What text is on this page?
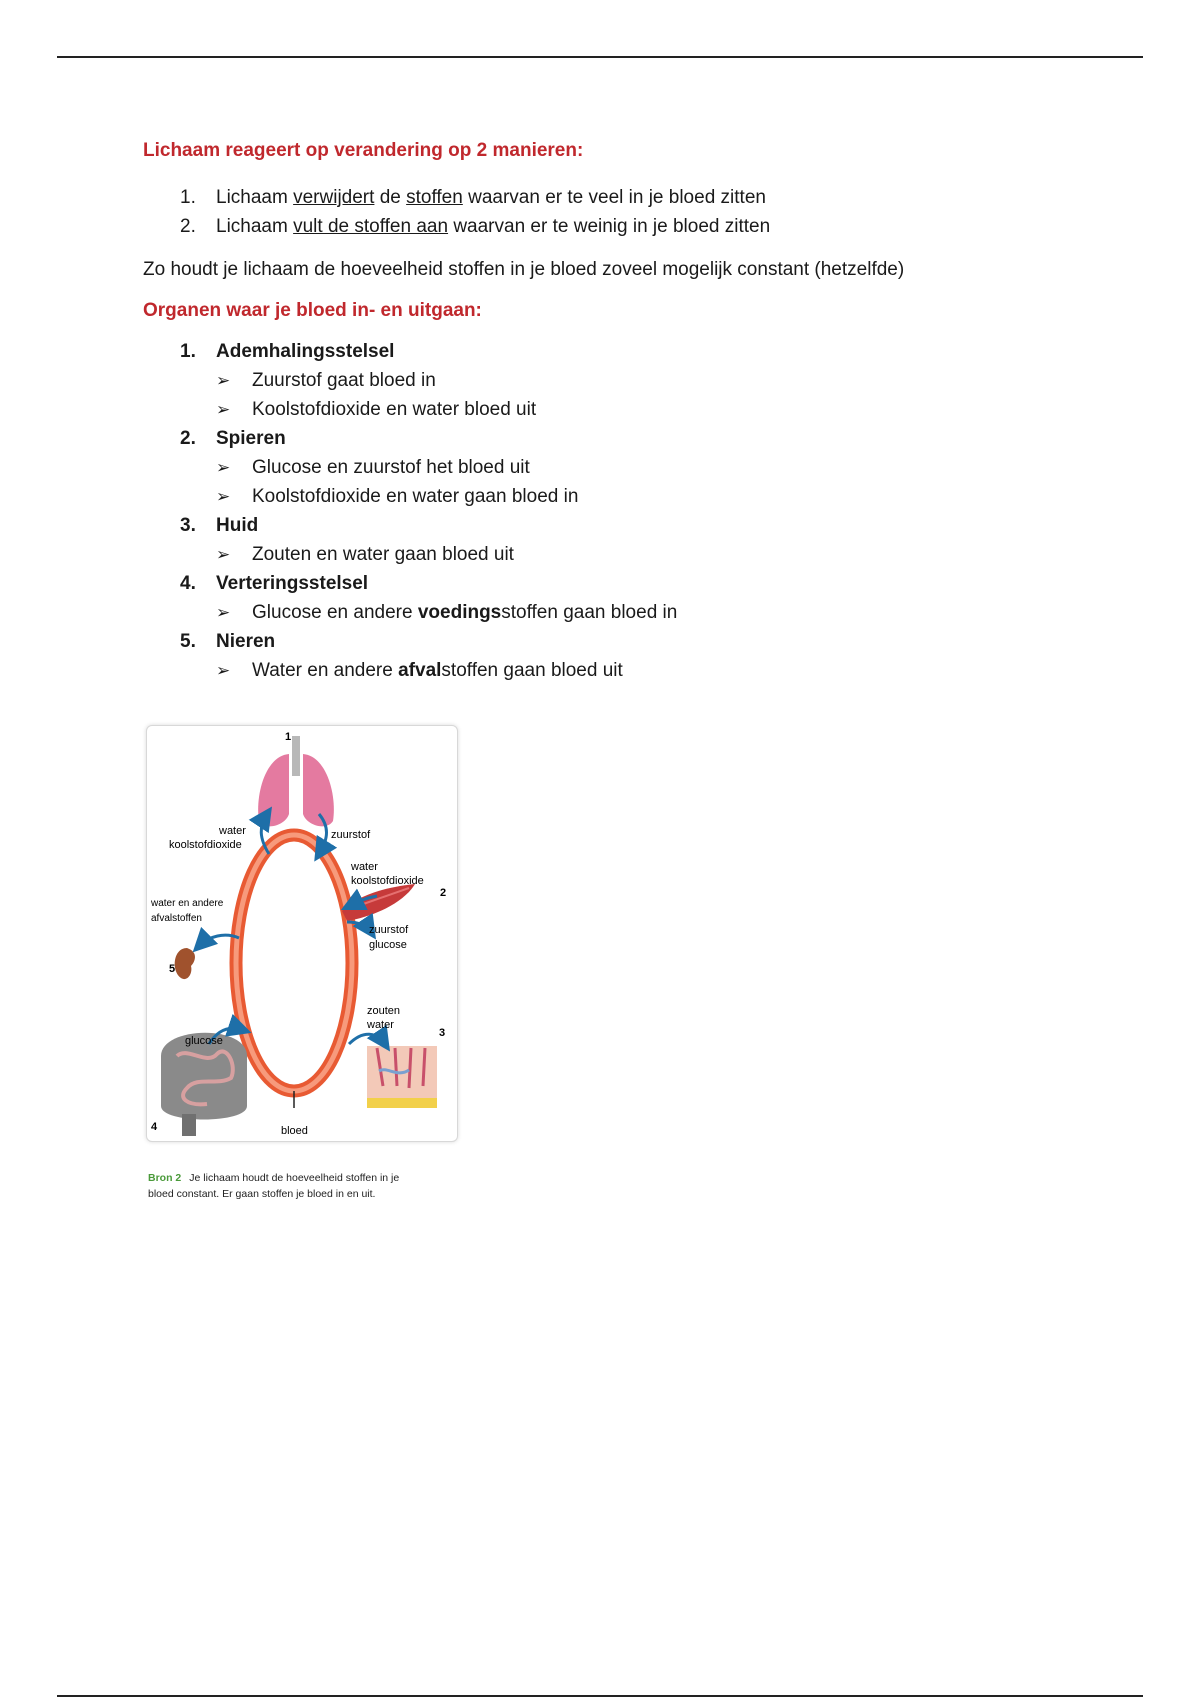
Lichaam reageert op verandering op 2 manieren:

1. Lichaam verwijdert de stoffen waarvan er te veel in je bloed zitten
2. Lichaam vult de stoffen aan waarvan er te weinig in je bloed zitten

Zo houdt je lichaam de hoeveelheid stoffen in je bloed zoveel mogelijk constant (hetzelfde)

Organen waar je bloed in- en uitgaan:

1. Ademhalingsstelsel
➢ Zuurstof gaat bloed in
➢ Koolstofdioxide en water bloed uit
2. Spieren
➢ Glucose en zuurstof het bloed uit
➢ Koolstofdioxide en water gaan bloed in
3. Huid
➢ Zouten en water gaan bloed uit
4. Verteringsstelsel
➢ Glucose en andere voedingsstoffen gaan bloed in
5. Nieren
➢ Water en andere afvalstoffen gaan bloed uit
1
water
koolstofdioxide
zuurstof
water
koolstofdioxide
2
zuurstof
glucose
water en andere
afvalstoffen
5
zouten
water
3
glucose
4	bloed
Bron 2 Je lichaam houdt de hoeveelheid stoffen in je
bloed constant. Er gaan stoffen je bloed in en uit.
